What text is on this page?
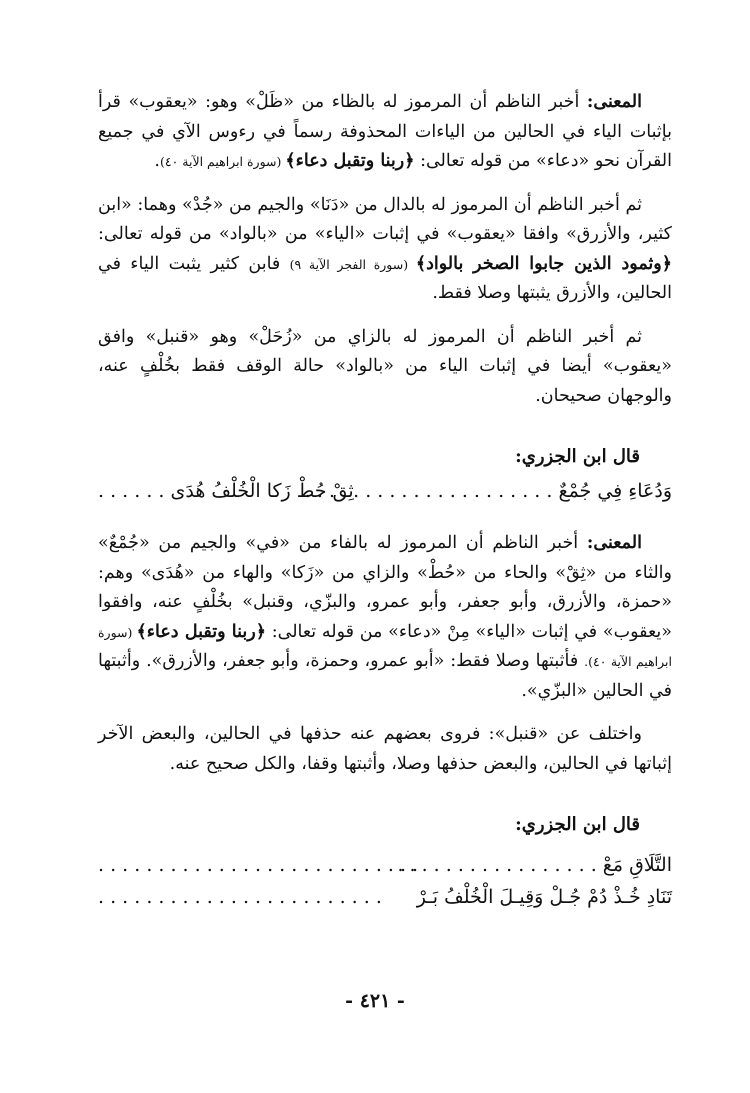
المعنى: أخبر الناظم أن المرموز له بالظاء من «ظَلْ» وهو: «يعقوب» قرأ بإثبات الياء في الحالين من الياءات المحذوفة رسماً في رءوس الآي في جميع القرآن نحو «دعاء» من قوله تعالى: ﴿ربنا وتقبل دعاء﴾ (سورة ابراهيم الآية ٤٠).

ثم أخبر الناظم أن المرموز له بالدال من «دَنَا» والجيم من «جُدْ» وهما: «ابن كثير، والأزرق» وافقا «يعقوب» في إثبات «الياء» من «بالواد» من قوله تعالى: ﴿وثمود الذين جابوا الصخر بالواد﴾ (سورة الفجر الآية ٩) فابن كثير يثبت الياء في الحالين، والأزرق يثبتها وصلا فقط.

ثم أخبر الناظم أن المرموز له بالزاي من «زُحَلْ» وهو «قنبل» وافق «يعقوب» أيضا في إثبات الياء من «بالواد» حالة الوقف فقط بخُلْفٍ عنه، والوجهان صحيحان.

قال ابن الجزري:

وَدُعَاءِ فِي جُمْعٌ . . . . . . . . . . . . . . . . . . . . .
ثِقْ حُطْ زَكا الْخُلْفُ هُدَى . . . . . .

المعنى: أخبر الناظم أن المرموز له بالفاء من «في» والجيم من «جُمْعٌ» والثاء من «ثِقْ» والحاء من «حُطْ» والزاي من «زَكا» والهاء من «هُدَى» وهم: «حمزة، والأزرق، وأبو جعفر، وأبو عمرو، والبزّي، وقنبل» بخُلْفٍ عنه، وافقوا «يعقوب» في إثبات «الياء» مِنْ «دعاء» من قوله تعالى: ﴿ربنا وتقبل دعاء﴾ (سورة ابراهيم الآية ٤٠). فأثبتها وصلا فقط: «أبو عمرو، وحمزة، وأبو جعفر، والأزرق». وأثبتها في الحالين «البزّي».

واختلف عن «قنبل»: فروى بعضهم عنه حذفها في الحالين، والبعض الآخر إثباتها في الحالين، والبعض حذفها وصلا، وأثبتها وقفا، والكل صحيح عنه.

قال ابن الجزري:

التَّلَاقِ مَعْ . . . . . . . . . . . . . . . . .
. . . . . . . . . . . . . . . . . . . . . . . . . . .
تَنَادِ خُـذْ دُمْ جُـلْ وَقِيـلَ الْخُلْفُ بَـرْ
. . . . . . . . . . . . . . . . . . . . . . . .
- ٤٢١ -
